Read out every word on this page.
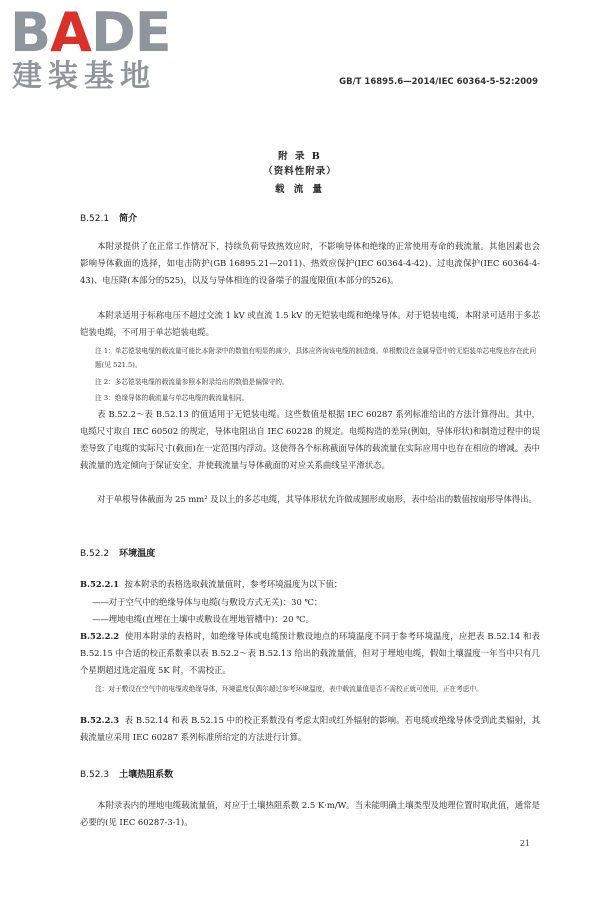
BADE
建装基地	GB/T 16895.6—2014/IEC 60364-5-52:2009
附 录 B
（资料性附录）
载 流 量
B.52.1 简介
本附录提供了在正常工作情况下，持续负荷导致热效应时，不影响导体和绝缘的正常使用寿命的载流量。其他因素也会影响导体截面的选择，如电击防护(GB 16895.21—2011)、热效应保护(IEC 60364-4-42)、过电流保护(IEC 60364-4-43)、电压降(本部分的525)，以及与导体相连的设备端子的温度限值(本部分的526)。
本附录适用于标称电压不超过交流 1 kV 或直流 1.5 kV 的无铠装电缆和绝缘导体。对于铠装电缆，本附录可适用于多芯铠装电缆，不可用于单芯铠装电缆。
注 1：单芯铠装电缆的载流量可能比本附录中的数值有明显的减少，具体应咨询该电缆的制造商。单根敷设在金属导管中的无铠装单芯电缆也存在此问题(见 521.5)。
注 2：多芯铠装电缆的载流量参照本附录给出的数值是偏保守的。
注 3：绝缘导体的载流量与单芯电缆的载流量相同。
表 B.52.2～表 B.52.13 的值适用于无铠装电缆。这些数值是根据 IEC 60287 系列标准给出的方法计算得出。其中，电缆尺寸取自 IEC 60502 的规定，导体电阻出自 IEC 60228 的规定。电缆构造的差异(例如，导体形状)和制造过程中的误差导致了电缆的实际尺寸(截面)在一定范围内浮动。这使得各个标称截面导体的载流量在实际应用中也存在相应的增减。表中载流量的选定倾向于保证安全，并使载流量与导体截面的对应关系曲线呈平滑状态。
对于单根导体截面为 25 mm² 及以上的多芯电缆，其导体形状允许做成圆形或扇形，表中给出的数值按扇形导体得出。
B.52.2 环境温度
B.52.2.1 按本附录的表格选取载流量值时，参考环境温度为以下值：
——对于空气中的绝缘导体与电缆(与敷设方式无关)：30 ℃；
——埋地电缆(直埋在土壤中或敷设在埋地管槽中)：20 ℃。
B.52.2.2 使用本附录的表格时，如绝缘导体或电缆预计敷设地点的环境温度不同于参考环境温度，应把表 B.52.14 和表 B.52.15 中合适的校正系数乘以表 B.52.2～表 B.52.13 给出的载流量值，但对于埋地电缆，假如土壤温度一年当中只有几个星期超过选定温度 5K 时，不需校正。
注：对于敷设在空气中的电缆或绝缘导体，环境温度仅偶尔超过参考环境温度，表中载流量值是否不需校正就可使用，正在考虑中。
B.52.2.3 表 B.52.14 和表 B.52.15 中的校正系数没有考虑太阳或红外辐射的影响。若电缆或绝缘导体受到此类辐射，其载流量应采用 IEC 60287 系列标准所给定的方法进行计算。
B.52.3 土壤热阻系数
本附录表内的埋地电缆载流量值，对应于土壤热阻系数 2.5 K·m/W。当未能明确土壤类型及地理位置时取此值，通常是必要的(见 IEC 60287-3-1)。
21
